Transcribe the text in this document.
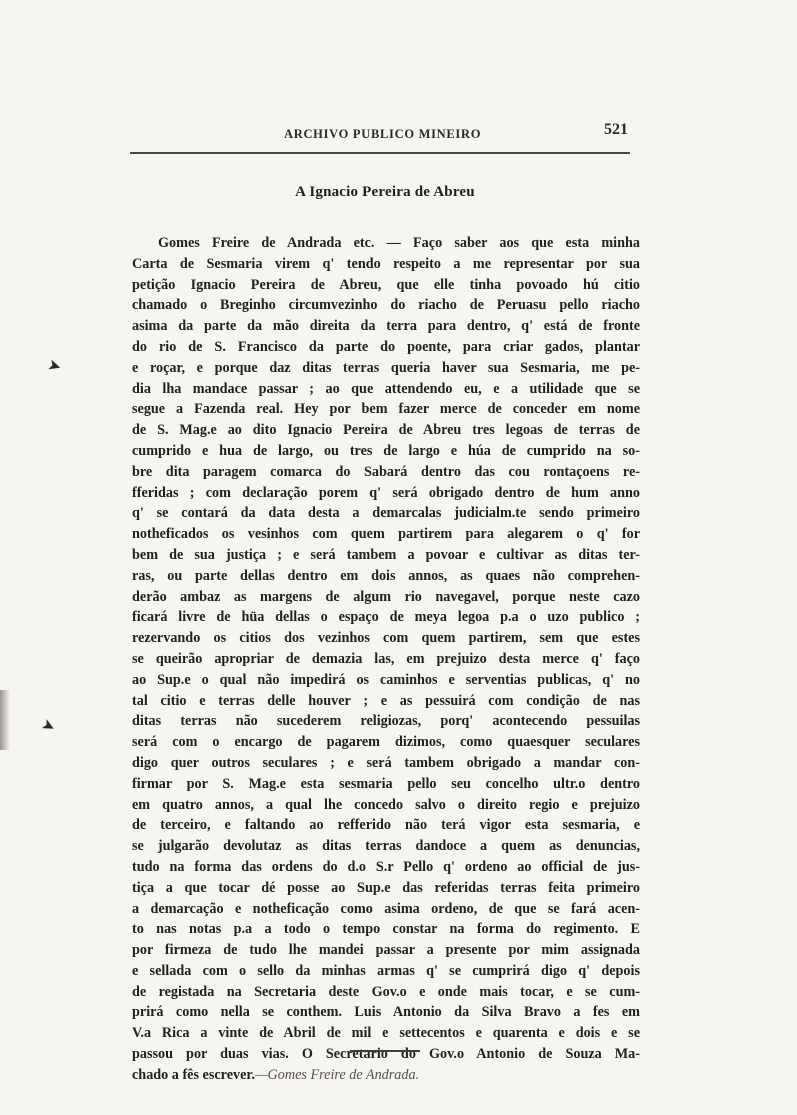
➤
➤
ARCHIVO PUBLICO MINEIRO	521
A Ignacio Pereira de Abreu
Gomes Freire de Andrada etc. — Faço saber aos que esta minha
Carta de Sesmaria virem q' tendo respeito a me representar por sua
petição Ignacio Pereira de Abreu, que elle tinha povoado hú citio
chamado o Breginho circumvezinho do riacho de Peruasu pello riacho
asima da parte da mão direita da terra para dentro, q' está de fronte
do rio de S. Francisco da parte do poente, para criar gados, plantar
e roçar, e porque daz ditas terras queria haver sua Sesmaria, me pe-
dia lha mandace passar ; ao que attendendo eu, e a utilidade que se
segue a Fazenda real. Hey por bem fazer merce de conceder em nome
de S. Mag.e ao dito Ignacio Pereira de Abreu tres legoas de terras de
cumprido e hua de largo, ou tres de largo e húa de cumprido na so-
bre dita paragem comarca do Sabará dentro das cou rontaçoens re-
fferidas ; com declaração porem q' será obrigado dentro de hum anno
q' se contará da data desta a demarcalas judicialm.te sendo primeiro
notheficados os vesinhos com quem partirem para alegarem o q' for
bem de sua justiça ; e será tambem a povoar e cultivar as ditas ter-
ras, ou parte dellas dentro em dois annos, as quaes não comprehen-
derão ambaz as margens de algum rio navegavel, porque neste cazo
ficará livre de hüa dellas o espaço de meya legoa p.a o uzo publico ;
rezervando os citios dos vezinhos com quem partirem, sem que estes
se queirão apropriar de demazia las, em prejuizo desta merce q' faço
ao Sup.e o qual não impedirá os caminhos e serventias publicas, q' no
tal citio e terras delle houver ; e as pessuirá com condição de nas
ditas terras não sucederem religiozas, porq' acontecendo pessuilas
será com o encargo de pagarem dizimos, como quaesquer seculares
digo quer outros seculares ; e será tambem obrigado a mandar con-
firmar por S. Mag.e esta sesmaria pello seu concelho ultr.o dentro
em quatro annos, a qual lhe concedo salvo o direito regio e prejuizo
de terceiro, e faltando ao refferido não terá vigor esta sesmaria, e
se julgarão devolutaz as ditas terras dandoce a quem as denuncias,
tudo na forma das ordens do d.o S.r Pello q' ordeno ao official de jus-
tiça a que tocar dé posse ao Sup.e das referidas terras feita primeiro
a demarcação e notheficação como asima ordeno, de que se fará acen-
to nas notas p.a a todo o tempo constar na forma do regimento. E
por firmeza de tudo lhe mandei passar a presente por mim assignada
e sellada com o sello da minhas armas q' se cumprirá digo q' depois
de registada na Secretaria deste Gov.o e onde mais tocar, e se cum-
prirá como nella se conthem. Luis Antonio da Silva Bravo a fes em
V.a Rica a vinte de Abril de mil e settecentos e quarenta e dois e se
passou por duas vias. O Secretario do Gov.o Antonio de Souza Ma-
chado a fês escrever.—Gomes Freire de Andrada.
